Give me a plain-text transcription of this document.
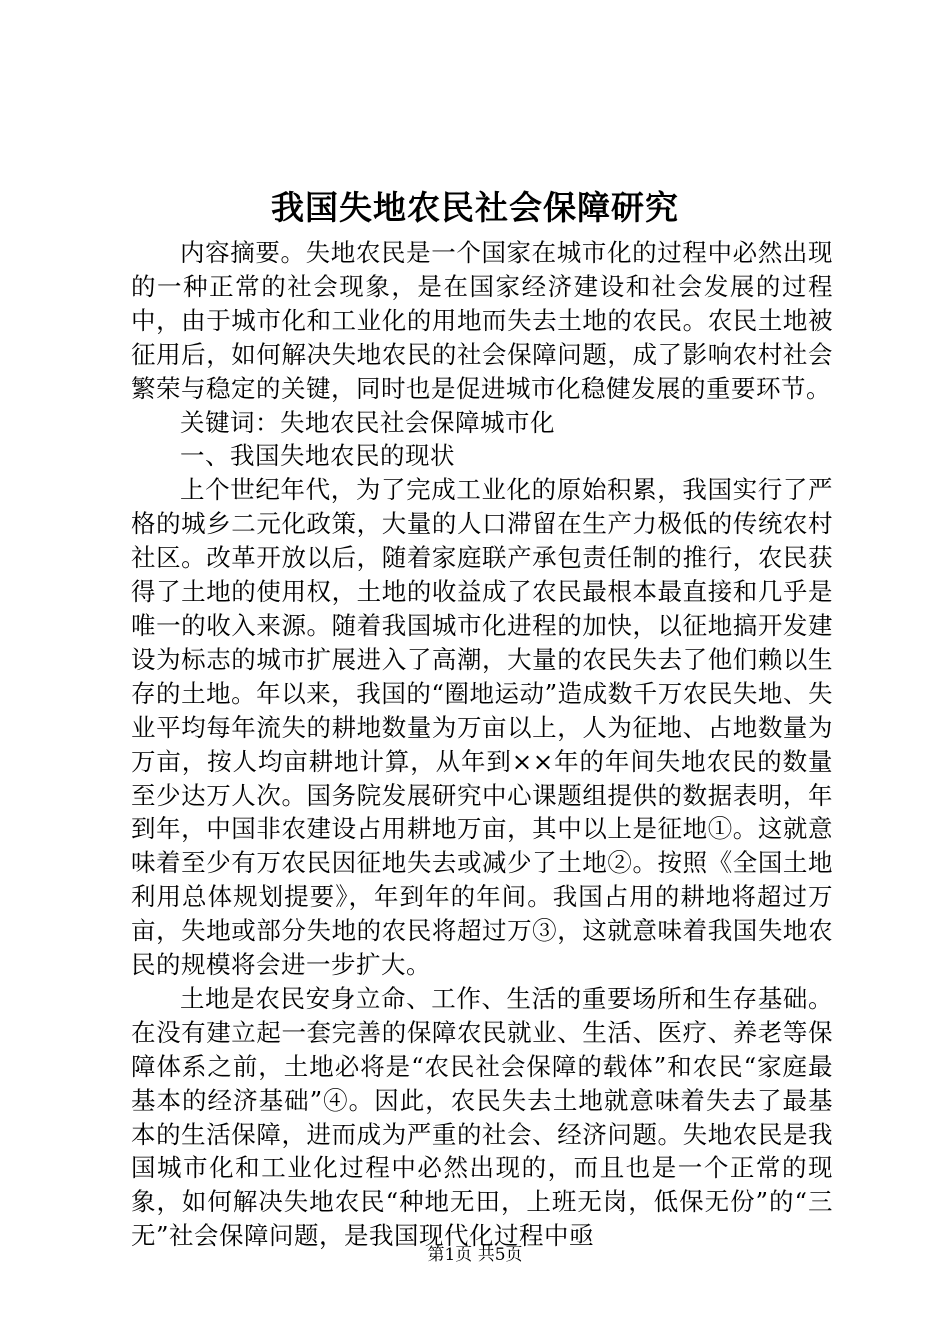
我国失地农民社会保障研究

内容摘要。失地农民是一个国家在城市化的过程中必然出现的一种正常的社会现象，是在国家经济建设和社会发展的过程中，由于城市化和工业化的用地而失去土地的农民。农民土地被征用后，如何解决失地农民的社会保障问题，成了影响农村社会繁荣与稳定的关键，同时也是促进城市化稳健发展的重要环节。

关键词：失地农民社会保障城市化

一、我国失地农民的现状

上个世纪年代，为了完成工业化的原始积累，我国实行了严格的城乡二元化政策，大量的人口滞留在生产力极低的传统农村社区。改革开放以后，随着家庭联产承包责任制的推行，农民获得了土地的使用权，土地的收益成了农民最根本最直接和几乎是唯一的收入来源。随着我国城市化进程的加快，以征地搞开发建设为标志的城市扩展进入了高潮，大量的农民失去了他们赖以生存的土地。年以来，我国的“圈地运动”造成数千万农民失地、失业平均每年流失的耕地数量为万亩以上，人为征地、占地数量为万亩，按人均亩耕地计算，从年到××年的年间失地农民的数量至少达万人次。国务院发展研究中心课题组提供的数据表明，年到年，中国非农建设占用耕地万亩，其中以上是征地①。这就意味着至少有万农民因征地失去或减少了土地②。按照《全国土地利用总体规划提要》，年到年的年间。我国占用的耕地将超过万亩，失地或部分失地的农民将超过万③，这就意味着我国失地农民的规模将会进一步扩大。

土地是农民安身立命、工作、生活的重要场所和生存基础。在没有建立起一套完善的保障农民就业、生活、医疗、养老等保障体系之前，土地必将是“农民社会保障的载体”和农民“家庭最基本的经济基础”④。因此，农民失去土地就意味着失去了最基本的生活保障，进而成为严重的社会、经济问题。失地农民是我国城市化和工业化过程中必然出现的，而且也是一个正常的现象，如何解决失地农民“种地无田，上班无岗，低保无份”的“三无”社会保障问题，是我国现代化过程中亟

第1页 共5页
